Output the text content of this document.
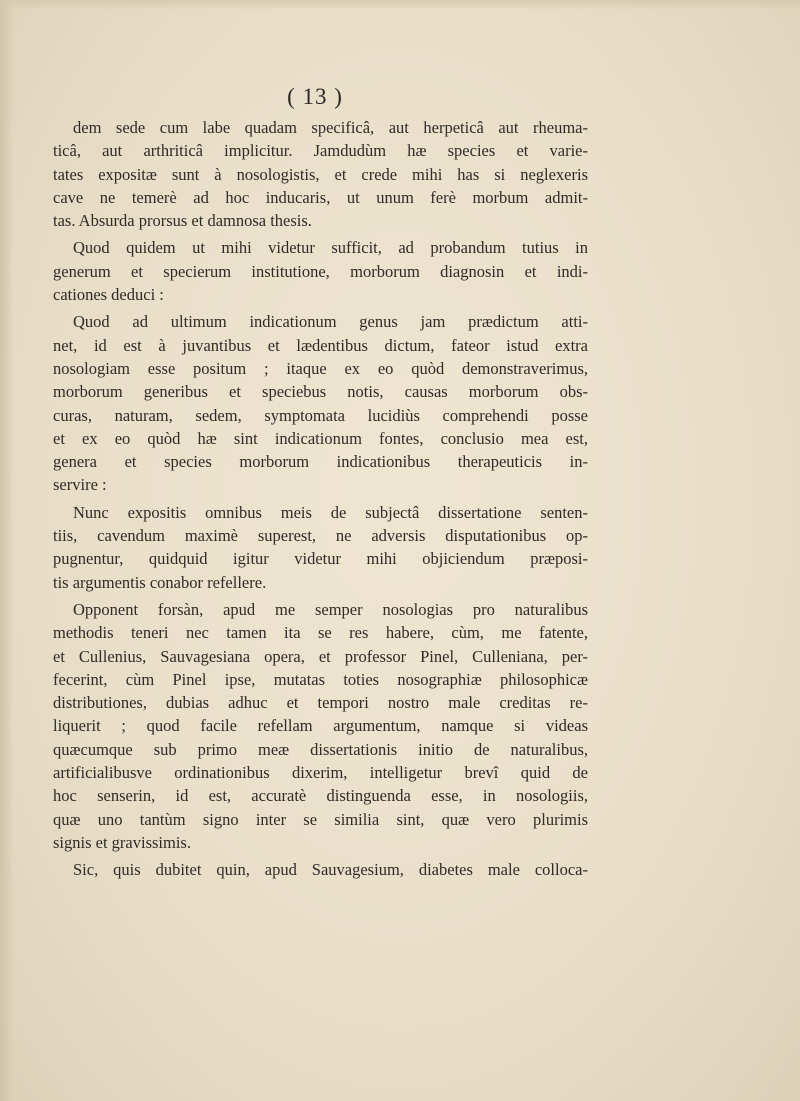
( 13 )
dem sede cum labe quadam specificâ, aut herpeticâ aut rheuma-
ticâ, aut arthriticâ implicitur. Jamdudùm hæ species et varie-
tates expositæ sunt à nosologistis, et crede mihi has si neglexeris
cave ne temerè ad hoc inducaris, ut unum ferè morbum admit-
tas. Absurda prorsus et damnosa thesis.
Quod quidem ut mihi videtur sufficit, ad probandum tutius in
generum et specierum institutione, morborum diagnosin et indi-
cationes deduci :
Quod ad ultimum indicationum genus jam prædictum atti-
net, id est à juvantibus et lædentibus dictum, fateor istud extra
nosologiam esse positum ; itaque ex eo quòd demonstraverimus,
morborum generibus et speciebus notis, causas morborum obs-
curas, naturam, sedem, symptomata lucidiùs comprehendi posse
et ex eo quòd hæ sint indicationum fontes, conclusio mea est,
genera et species morborum indicationibus therapeuticis in-
servire :
Nunc expositis omnibus meis de subjectâ dissertatione senten-
tiis, cavendum maximè superest, ne adversis disputationibus op-
pugnentur, quidquid igitur videtur mihi objiciendum præposi-
tis argumentis conabor refellere.
Opponent forsàn, apud me semper nosologias pro naturalibus
methodis teneri nec tamen ita se res habere, cùm, me fatente,
et Cullenius, Sauvagesiana opera, et professor Pinel, Culleniana, per-
fecerint, cùm Pinel ipse, mutatas toties nosographiæ philosophicæ
distributiones, dubias adhuc et tempori nostro male creditas re-
liquerit ; quod facile refellam argumentum, namque si videas
quæcumque sub primo meæ dissertationis initio de naturalibus,
artificialibusve ordinationibus dixerim, intelligetur brevî quid de
hoc senserin, id est, accuratè distinguenda esse, in nosologiis,
quæ uno tantùm signo inter se similia sint, quæ vero plurimis
signis et gravissimis.
Sic, quis dubitet quin, apud Sauvagesium, diabetes male colloca-
